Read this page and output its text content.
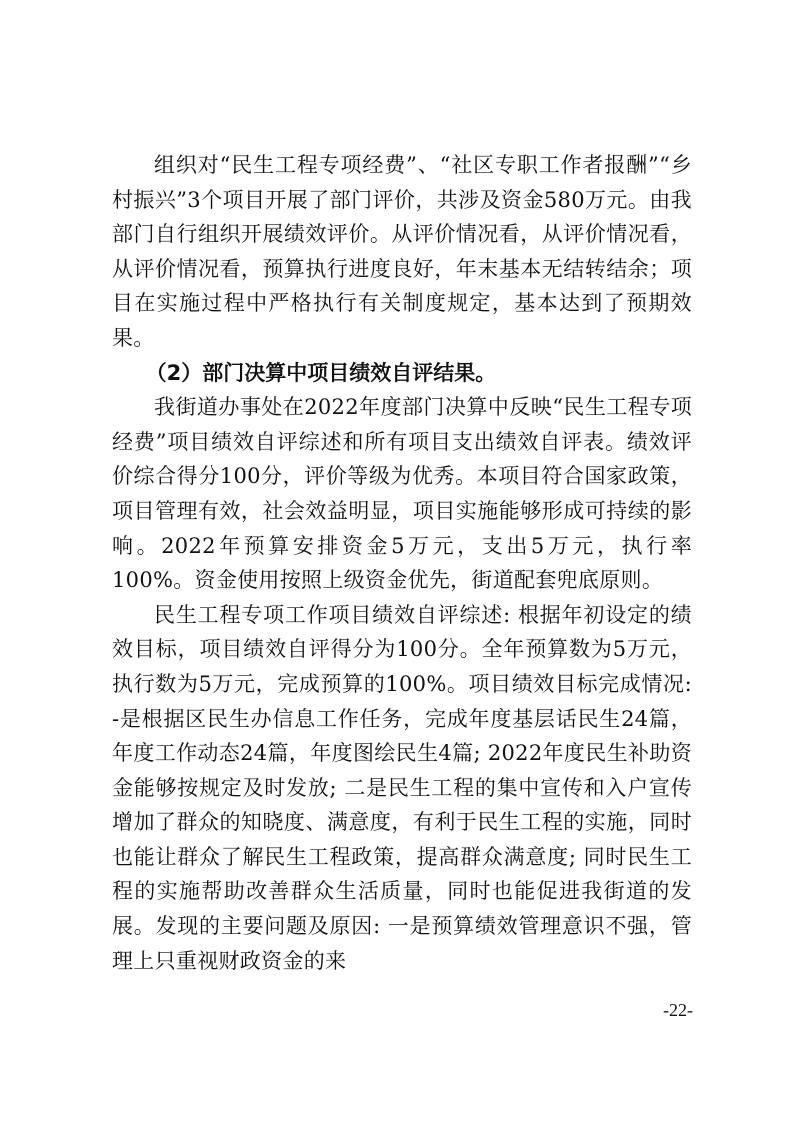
组织对“民生工程专项经费”、“社区专职工作者报酬”“乡村振兴”3个项目开展了部门评价，共涉及资金580万元。由我部门自行组织开展绩效评价。从评价情况看，从评价情况看，从评价情况看，预算执行进度良好，年末基本无结转结余；项目在实施过程中严格执行有关制度规定，基本达到了预期效果。

（2）部门决算中项目绩效自评结果。

我街道办事处在2022年度部门决算中反映“民生工程专项经费”项目绩效自评综述和所有项目支出绩效自评表。绩效评价综合得分100分，评价等级为优秀。本项目符合国家政策，项目管理有效，社会效益明显，项目实施能够形成可持续的影响。2022年预算安排资金5万元，支出5万元，执行率100%。资金使用按照上级资金优先，街道配套兜底原则。

民生工程专项工作项目绩效自评综述: 根据年初设定的绩效目标，项目绩效自评得分为100分。全年预算数为5万元，执行数为5万元，完成预算的100%。项目绩效目标完成情况: -是根据区民生办信息工作任务，完成年度基层话民生24篇，年度工作动态24篇，年度图绘民生4篇; 2022年度民生补助资金能够按规定及时发放; 二是民生工程的集中宣传和入户宣传增加了群众的知晓度、满意度，有利于民生工程的实施，同时也能让群众了解民生工程政策，提高群众满意度; 同时民生工程的实施帮助改善群众生活质量，同时也能促进我街道的发展。发现的主要问题及原因: 一是预算绩效管理意识不强，管理上只重视财政资金的来

-22-
